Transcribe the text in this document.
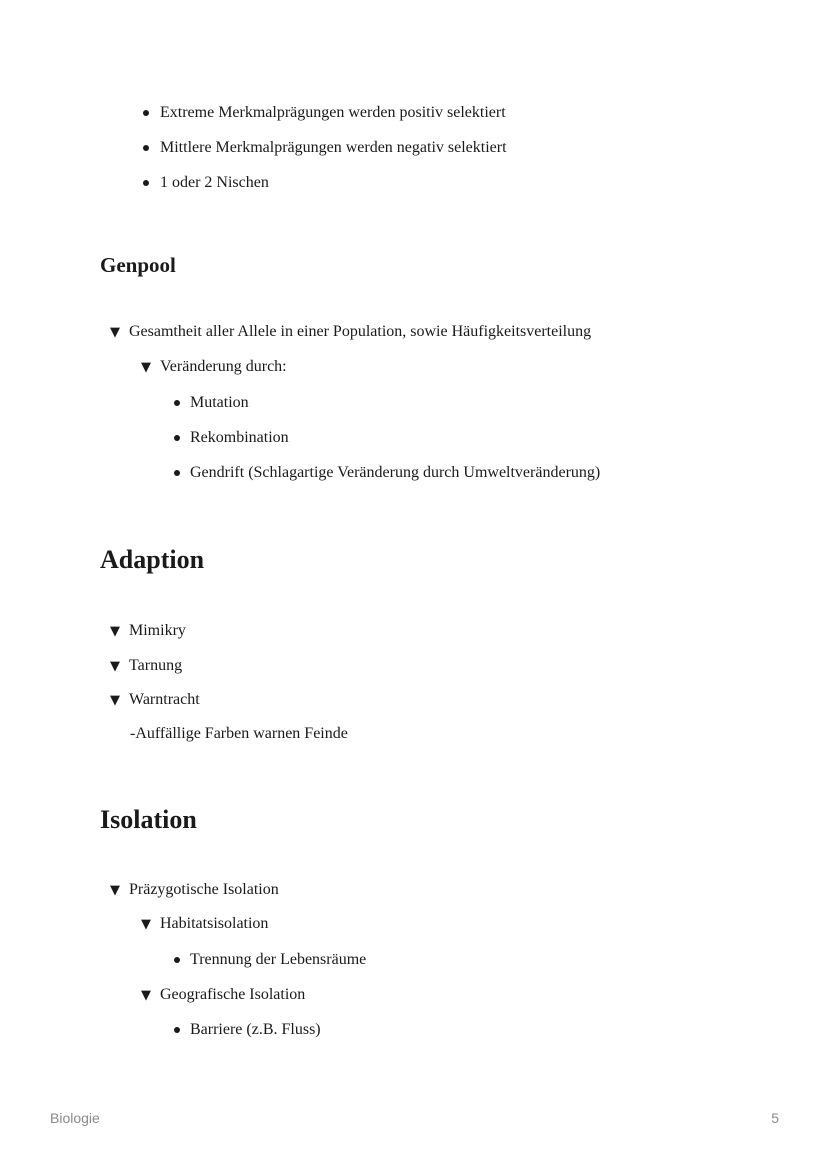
Extreme Merkmalprägungen werden positiv selektiert
Mittlere Merkmalprägungen werden negativ selektiert
1 oder 2 Nischen
Genpool
▼ Gesamtheit aller Allele in einer Population, sowie Häufigkeitsverteilung
▼ Veränderung durch:
Mutation
Rekombination
Gendrift (Schlagartige Veränderung durch Umweltveränderung)
Adaption
▼ Mimikry
▼ Tarnung
▼ Warntracht
-Auffällige Farben warnen Feinde
Isolation
▼ Präzygotische Isolation
▼ Habitatsisolation
Trennung der Lebensräume
▼ Geografische Isolation
Barriere (z.B. Fluss)
Biologie	5
